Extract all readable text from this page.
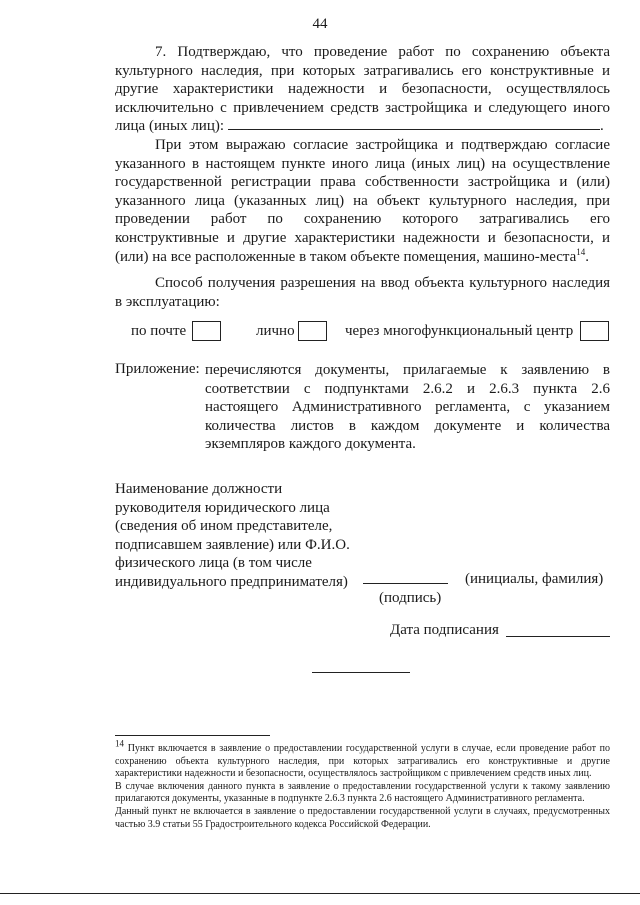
44
7. Подтверждаю, что проведение работ по сохранению объекта культурного наследия, при которых затрагивались его конструктивные и другие характеристики надежности и безопасности, осуществлялось исключительно с привлечением средств застройщика и следующего иного лица (иных лиц):	.
При этом выражаю согласие застройщика и подтверждаю согласие указанного в настоящем пункте иного лица (иных лиц) на осуществление государственной регистрации права собственности застройщика и (или) указанного лица (указанных лиц) на объект культурного наследия, при проведении работ по сохранению которого затрагивались его конструктивные и другие характеристики надежности и безопасности, и (или) на все расположенные в таком объекте помещения, машино-места$^{14}$.
Способ получения разрешения на ввод объекта культурного наследия в эксплуатацию:
по почте	лично	через многофункциональный центр
Приложение: перечисляются документы, прилагаемые к заявлению в соответствии с подпунктами 2.6.2 и 2.6.3 пункта 2.6 настоящего Административного регламента, с указанием количества листов в каждом документе и количества экземпляров каждого документа.
Наименование должности руководителя юридического лица (сведения об ином представителе, подписавшем заявление) или Ф.И.О. физического лица (в том числе индивидуального предпринимателя)	(инициалы, фамилия)
(подпись)
Дата подписания

$^{14}$ Пункт включается в заявление о предоставлении государственной услуги в случае, если проведение работ по сохранению объекта культурного наследия, при которых затрагивались его конструктивные и другие характеристики надежности и безопасности, осуществлялось застройщиком с привлечением средств иных лиц.

В случае включения данного пункта в заявление о предоставлении государственной услуги к такому заявлению прилагаются документы, указанные в подпункте 2.6.3 пункта 2.6 настоящего Административного регламента.

Данный пункт не включается в заявление о предоставлении государственной услуги в случаях, предусмотренных частью 3.9 статьи 55 Градостроительного кодекса Российской Федерации.
